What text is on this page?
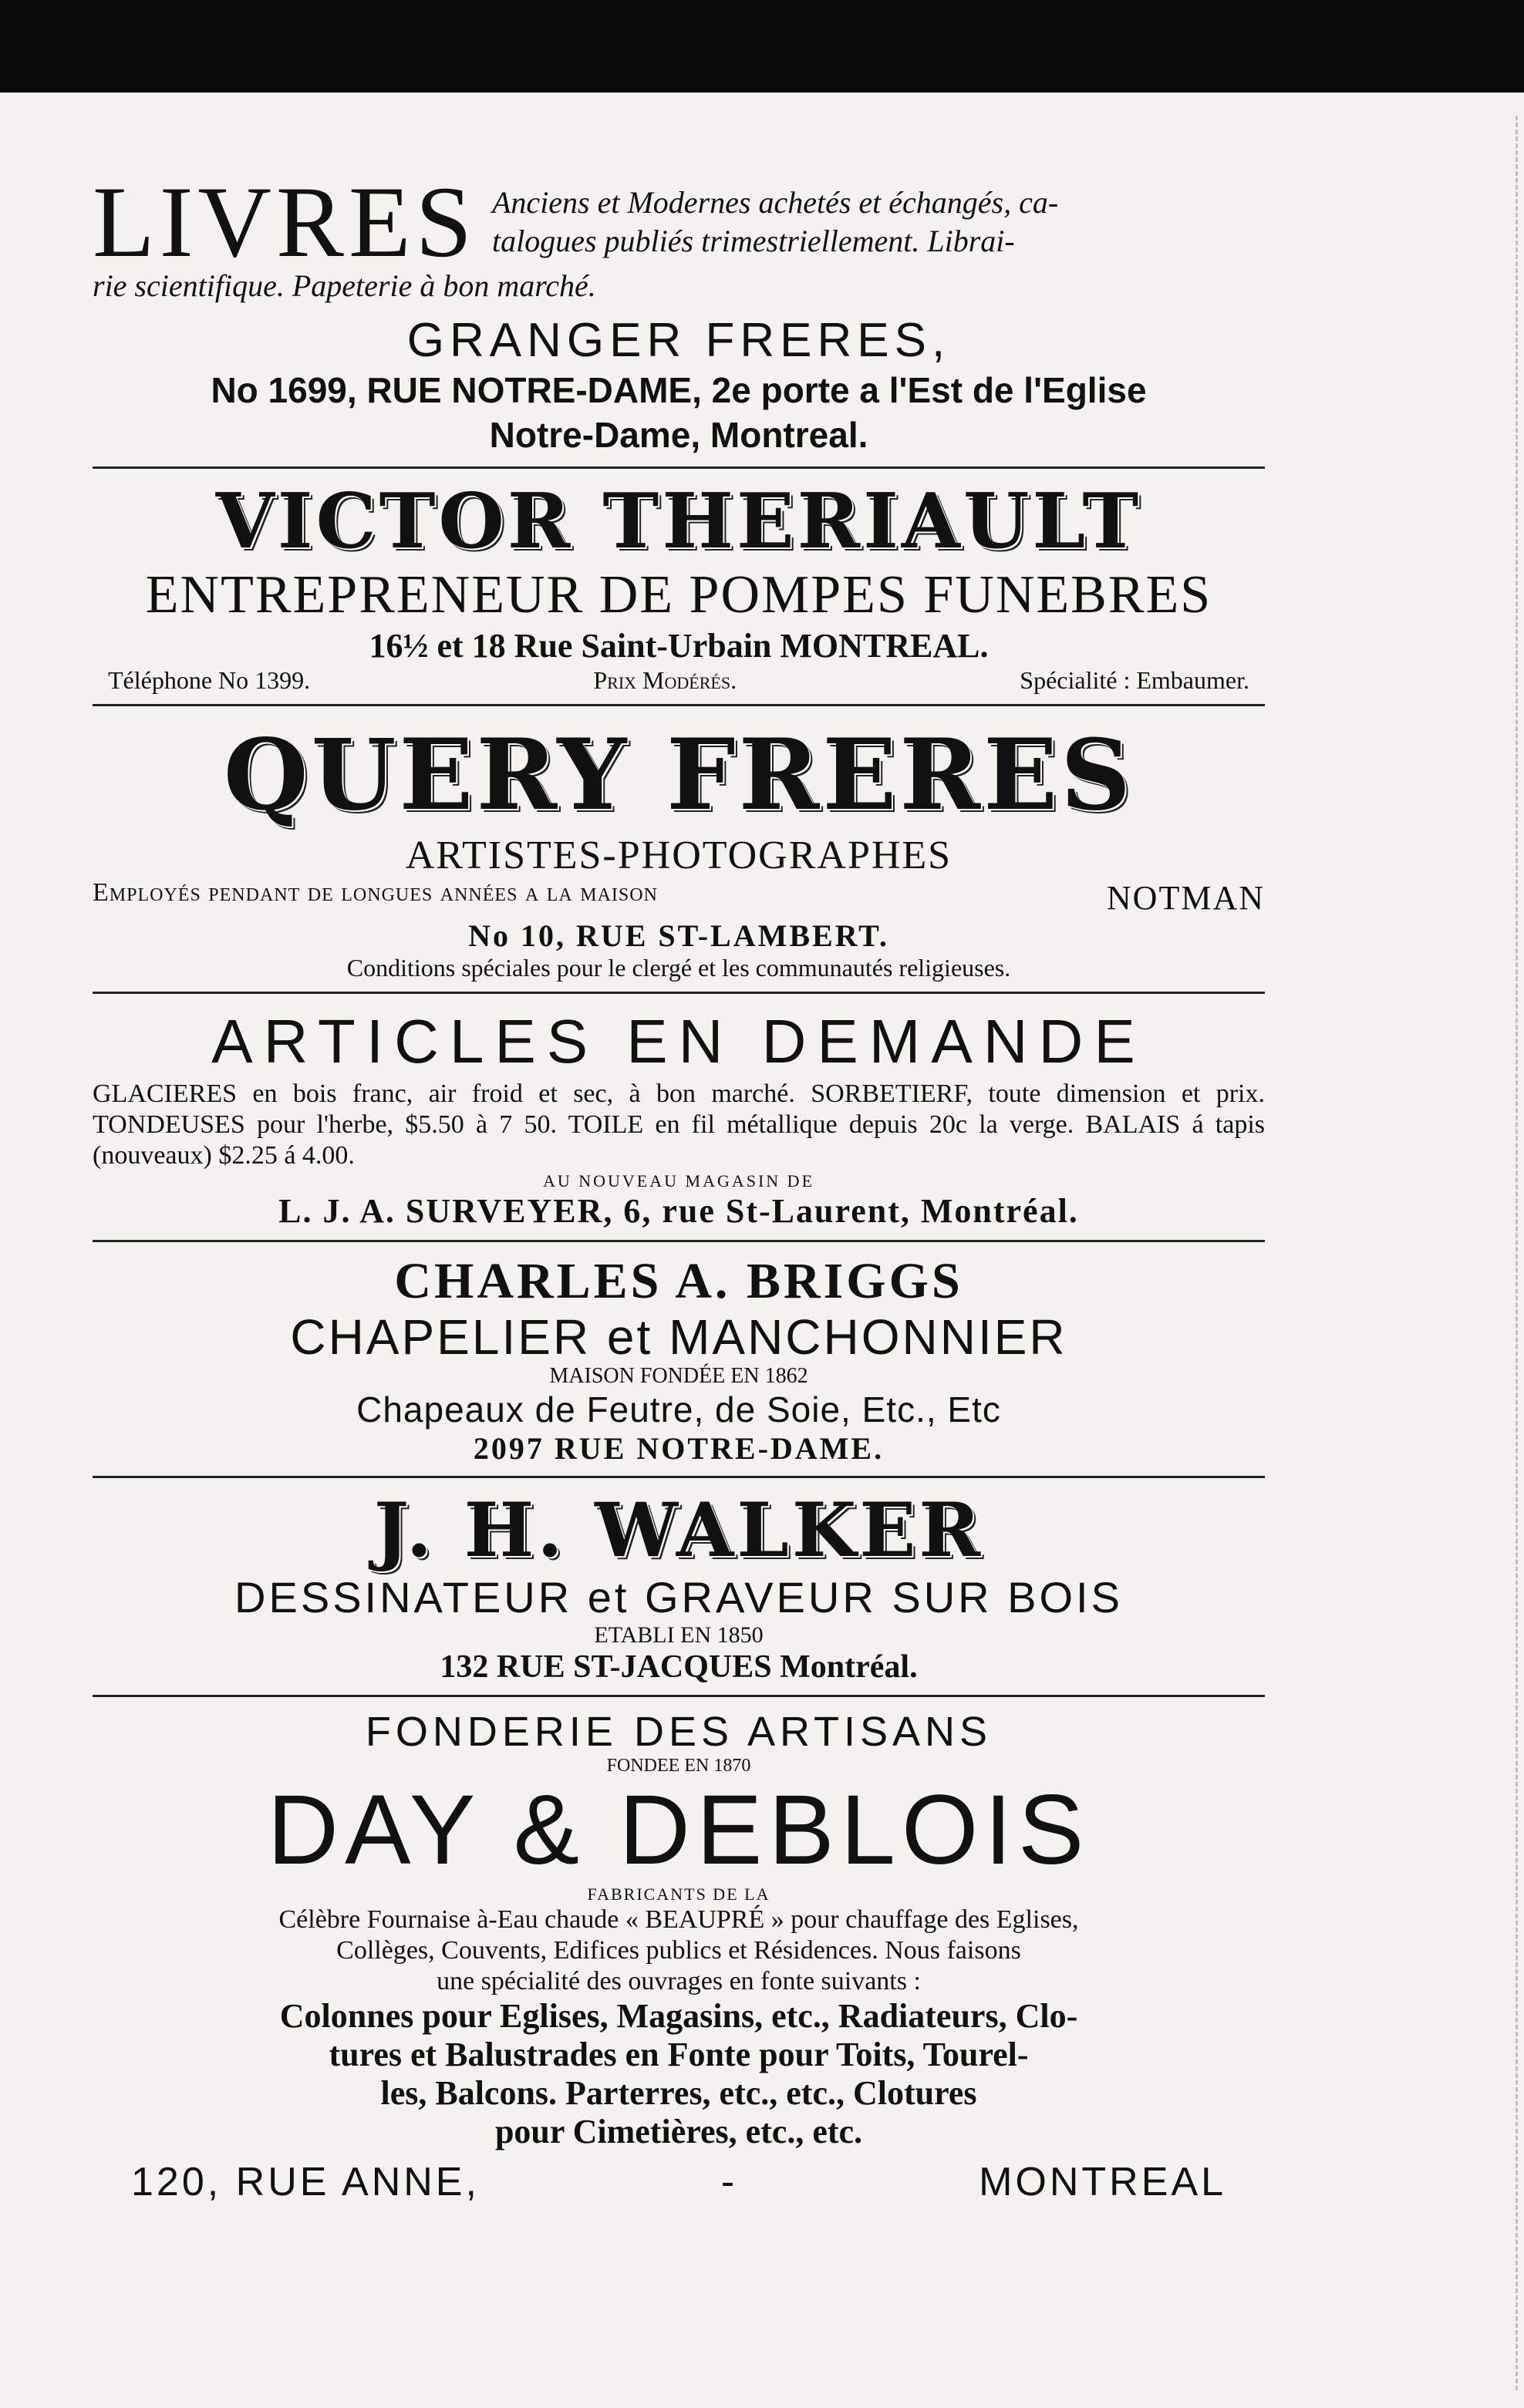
LIVRES Anciens et Modernes achetés et échangés, ca-
talogues publiés trimestriellement. Librai-
rie scientifique. Papeterie à bon marché.
GRANGER FRERES,
No 1699, RUE NOTRE-DAME, 2e porte a l'Est de l'Eglise
Notre-Dame, Montreal.
VICTOR THERIAULT
ENTREPRENEUR DE POMPES FUNEBRES
16½ et 18 Rue Saint-Urbain MONTREAL.
Téléphone No 1399.	Prix Modérés.	Spécialité : Embaumer.
QUERY FRERES
ARTISTES-PHOTOGRAPHES
Employés pendant de longues années a la maison	NOTMAN
No 10, RUE ST-LAMBERT.
Conditions spéciales pour le clergé et les communautés religieuses.
ARTICLES EN DEMANDE
GLACIERES en bois franc, air froid et sec, à bon marché. SORBETIERF, toute dimension et prix. TONDEUSES pour l'herbe, $5.50 à 7 50. TOILE en fil métallique depuis 20c la verge. BALAIS á tapis (nouveaux) $2.25 á 4.00.
AU NOUVEAU MAGASIN DE
L. J. A. SURVEYER, 6, rue St-Laurent, Montréal.
CHARLES A. BRIGGS
CHAPELIER et MANCHONNIER
MAISON FONDÉE EN 1862
Chapeaux de Feutre, de Soie, Etc., Etc
2097 RUE NOTRE-DAME.
J. H. WALKER
DESSINATEUR et GRAVEUR SUR BOIS
ETABLI EN 1850
132 RUE ST-JACQUES Montréal.
FONDERIE DES ARTISANS
FONDEE EN 1870
DAY & DEBLOIS
FABRICANTS DE LA
Célèbre Fournaise à-Eau chaude « BEAUPRÉ » pour chauffage des Eglises,
Collèges, Couvents, Edifices publics et Résidences. Nous faisons
une spécialité des ouvrages en fonte suivants :
Colonnes pour Eglises, Magasins, etc., Radiateurs, Clo-
tures et Balustrades en Fonte pour Toits, Tourel-
les, Balcons. Parterres, etc., etc., Clotures
pour Cimetières, etc., etc.
120, RUE ANNE,	-	MONTREAL
